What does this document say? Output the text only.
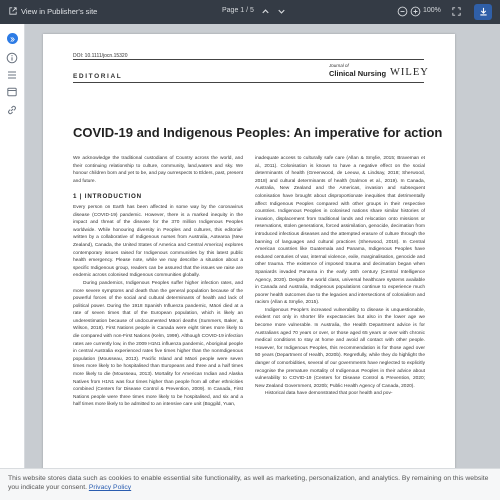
View in Publisher's site	Page 1 / 5	100%
DOI: 10.1111/jocn.15320
EDITORIAL
Journal of
Clinical Nursing WILEY
COVID-19 and Indigenous Peoples: An imperative for action

We acknowledge the traditional custodians of Country across the world, and their continuing relationship to culture, community, land,waters and sky. We honour children born and yet to be, and pay ourrespects to Elders, past, present and future.

1 | INTRODUCTION

Every person on Earth has been affected in some way by the coronavirus disease (COVID-19) pandemic. However, there is a marked inequity in the impact and threat of the disease for the 370 million Indigenous Peoples worldwide. While honouring diversity in Peoples and cultures, this editorial-written by a collaborative of Indigenous nurses from Australia, Aotearoa (New Zealand), Canada, the United States of America and Central America) explores contemporary issues raised for Indigenous communities by this latest public health emergency. Please note, while we may describe a situation about a specific Indigenous group, readers can be assured that the issues we raise are endemic across colonised Indigenous communities globally.

During pandemics, Indigenous Peoples suffer higher infection rates, and more severe symptoms and death than the general population because of the powerful forces of the social and cultural determinants of health and lack of political power. During the 1918 Spanish Influenza pandemic, Māori died at a rate of seven times that of the European population, which is likely an underestimation because of undocumented Māori deaths (Summers, Baker, & Wilson, 2018). First Nations people in Canada were eight times more likely to die compared with non-First Nations (Kelm, 1999). Although COVID-19 infection rates are currently low, in the 2009 H1N1 influenza pandemic, Aboriginal people in central Australia experienced rates five times higher than the nonIndigenous population (Mousseau, 2013). Pacific Island and Māori people were seven times more likely to be hospitalised than Europeans and three and a half times more likely to die (Mousseau, 2013). Mortality for American Indian and Alaska Natives from H1N1 was four times higher than people from all other ethnicities combined (Centers for Disease Control & Prevention, 2009). In Canada, First Nations people were three times more likely to be hospitalised, and six and a half times more likely to be admitted to an intensive care unit (Boggild, Yuan,

inadequate access to culturally safe care (Allan & Smylie, 2015; Braveman et al., 2011). Colonisation is known to have a negative effect on the social determinants of health (Greenwood, de Leeuw, & Lindsay, 2018; Sherwood, 2018) and cultural determinants of health (Salmon et al., 2019). In Canada, Australia, New Zealand and the Americas, invasion and subsequent colonisation have brought about disproportionate inequities that detrimentally affect Indigenous Peoples compared with other groups in their respective countries. Indigenous Peoples in colonised nations share similar histories of invasion, displacement from traditional lands and relocation onto missions or reservations, stolen generations, forced assimilation, genocide, decimation from introduced infectious diseases and the attempted erasure of culture through the banning of languages and cultural practices (Sherwood, 2018). In Central American countries like Guatemala and Panama, Indigenous Peoples have endured centuries of war, internal violence, exile, marginalisation, genocide and other trauma. The existence of imposed trauma and decimation began when Spaniards invaded Panama in the early 16th century (Central Intelligence Agency, 2020). Despite the world class, universal healthcare systems available in Canada and Australia, Indigenous populations continue to experience much poorer health outcomes due to the legacies and intersections of colonialism and racism (Allan & Smylie, 2015).

Indigenous People's increased vulnerability to disease is unquestionable, evident not only in shorter life expectancies but also in the lower age we become more vulnerable. In Australia, the Health Department advice is for Australians aged 70 years or over, or those aged 65 years or over with chronic medical conditions to stay at home and avoid all contact with other people. However, for Indigenous Peoples, this recommendation is for those aged over 50 years (Department of Health, 2020b). Regretfully, while they do highlight the danger of comorbidities, several of our governments have neglected to explicitly recognise the premature mortality of Indigenous Peoples in their advice about vulnerability to COVID-19 (Centers for Disease Control & Prevention, 2020; New Zealand Government, 2020b; Public Health Agency of Canada, 2020).

Historical data have demonstrated that poor health and pov-

This website stores data such as cookies to enable essential site functionality, as well as marketing, personalization, and analytics. By remaining on this website you indicate your consent. Privacy Policy
